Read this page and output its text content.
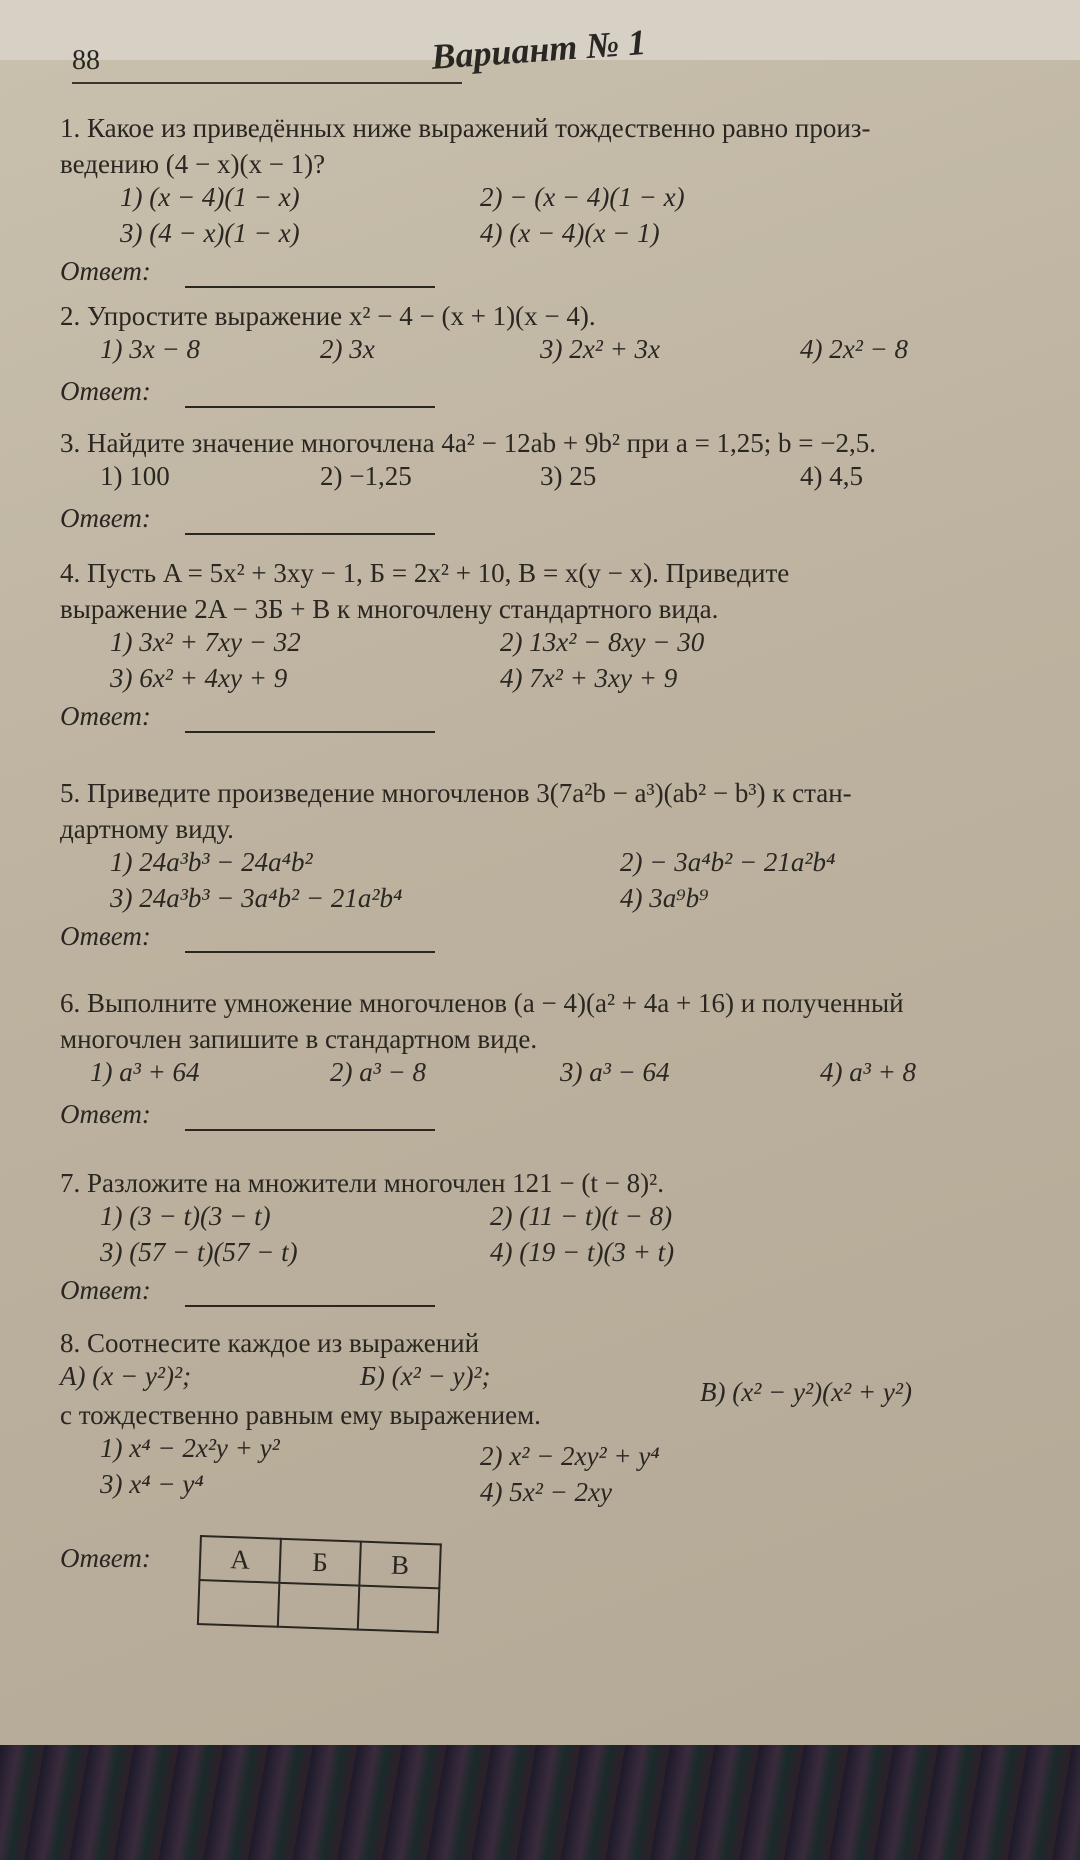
88	Вариант № 1
1. Какое из приведённых ниже выражений тождественно равно произ-
ведению (4 − x)(x − 1)?
1) (x − 4)(1 − x)	2) − (x − 4)(1 − x)
3) (4 − x)(1 − x)	4) (x − 4)(x − 1)
Ответ:
2. Упростите выражение x² − 4 − (x + 1)(x − 4).
1) 3x − 8	2) 3x	3) 2x² + 3x	4) 2x² − 8
Ответ:
3. Найдите значение многочлена 4a² − 12ab + 9b² при a = 1,25; b = −2,5.
1) 100	2) −1,25	3) 25	4) 4,5
Ответ:
4. Пусть A = 5x² + 3xy − 1, Б = 2x² + 10, B = x(y − x). Приведите
выражение 2A − 3Б + B к многочлену стандартного вида.
1) 3x² + 7xy − 32	2) 13x² − 8xy − 30
3) 6x² + 4xy + 9	4) 7x² + 3xy + 9
Ответ:
5. Приведите произведение многочленов 3(7a²b − a³)(ab² − b³) к стан-
дартному виду.
1) 24a³b³ − 24a⁴b²	2) − 3a⁴b² − 21a²b⁴
3) 24a³b³ − 3a⁴b² − 21a²b⁴	4) 3a⁹b⁹
Ответ:
6. Выполните умножение многочленов (a − 4)(a² + 4a + 16) и полученный
многочлен запишите в стандартном виде.
1) a³ + 64	2) a³ − 8	3) a³ − 64	4) a³ + 8
Ответ:
7. Разложите на множители многочлен 121 − (t − 8)².
1) (3 − t)(3 − t)	2) (11 − t)(t − 8)
3) (57 − t)(57 − t)	4) (19 − t)(3 + t)
Ответ:
8. Соотнесите каждое из выражений
А) (x − y²)²;	Б) (x² − y)²;
В) (x² − y²)(x² + y²)
с тождественно равным ему выражением.
1) x⁴ − 2x²y + y²	2) x² − 2xy² + y⁴
3) x⁴ − y⁴	4) 5x² − 2xy
Ответ:	А	Б	В
